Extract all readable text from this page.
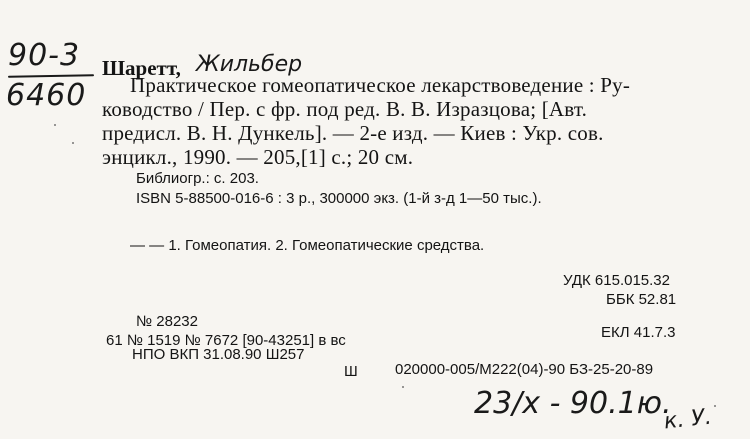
90-3
6460
Шаретт, Жильбер
Практическое гомеопатическое лекарствоведение : Ру-
ководство / Пер. с фр. под ред. В. В. Изразцова; [Авт.
предисл. В. Н. Дункель]. — 2-е изд. — Киев : Укр. сов.
энцикл., 1990. — 205,[1] с.; 20 см.
Библиогр.: с. 203.
ISBN 5-88500-016-6 : 3 р., 300000 экз. (1-й з-д 1—50 тыс.).
— — 1. Гомеопатия. 2. Гомеопатические средства.
УДК 615.015.32
ББК 52.81
№ 28232
61 № 1519 № 7672 [90-43251] в вс	ЕКЛ 41.7.3
НПО ВКП 31.08.90 Ш257
Ш 020000-005/М222(04)-90 БЗ-25-20-89
23/х - 90.1ю.
к. У.
